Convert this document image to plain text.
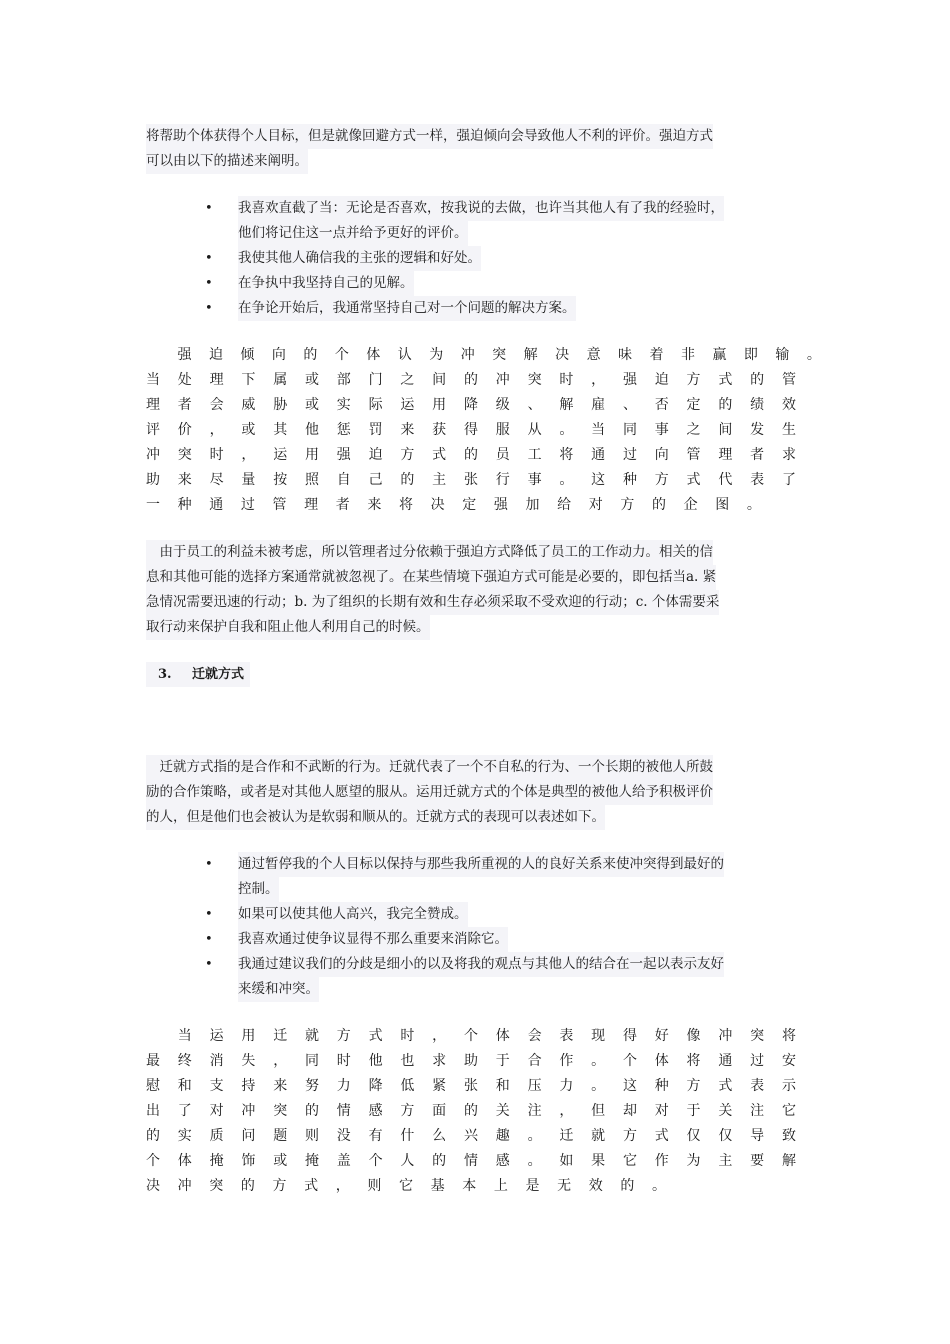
将帮助个体获得个人目标，但是就像回避方式一样，强迫倾向会导致他人不利的评价。强迫方式
可以由以下的描述来阐明。
• 我喜欢直截了当：无论是否喜欢，按我说的去做，也许当其他人有了我的经验时，
他们将记住这一点并给予更好的评价。
• 我使其他人确信我的主张的逻辑和好处。
• 在争执中我坚持自己的见解。
• 在争论开始后，我通常坚持自己对一个问题的解决方案。

强 迫 倾 向 的 个 体 认 为 冲 突 解 决 意 味 着 非 赢 即 输 。
当 处 理 下 属 或 部 门 之 间 的 冲 突 时 ， 强 迫 方 式 的 管
理 者 会 威 胁 或 实 际 运 用 降 级 、 解 雇 、 否 定 的 绩 效
评 价 ， 或 其 他 惩 罚 来 获 得 服 从 。 当 同 事 之 间 发 生
冲 突 时 ， 运 用 强 迫 方 式 的 员 工 将 通 过 向 管 理 者 求
助 来 尽 量 按 照 自 己 的 主 张 行 事 。 这 种 方 式 代 表 了
一 种 通 过 管 理 者 来 将 决 定 强 加 给 对 方 的 企 图 。
　由于员工的利益未被考虑，所以管理者过分依赖于强迫方式降低了员工的工作动力。相关的信
息和其他可能的选择方案通常就被忽视了。在某些情境下强迫方式可能是必要的，即包括当a. 紧
急情况需要迅速的行动；b. 为了组织的长期有效和生存必须采取不受欢迎的行动；c. 个体需要采
取行动来保护自我和阻止他人利用自己的时候。
3. 迁就方式
　迁就方式指的是合作和不武断的行为。迁就代表了一个不自私的行为、一个长期的被他人所鼓
励的合作策略，或者是对其他人愿望的服从。运用迁就方式的个体是典型的被他人给予积极评价
的人，但是他们也会被认为是软弱和顺从的。迁就方式的表现可以表述如下。
• 通过暂停我的个人目标以保持与那些我所重视的人的良好关系来使冲突得到最好的
控制。
• 如果可以使其他人高兴，我完全赞成。
• 我喜欢通过使争议显得不那么重要来消除它。
• 我通过建议我们的分歧是细小的以及将我的观点与其他人的结合在一起以表示友好
来缓和冲突。

当 运 用 迁 就 方 式 时 ， 个 体 会 表 现 得 好 像 冲 突 将
最 终 消 失 ， 同 时 他 也 求 助 于 合 作 。 个 体 将 通 过 安
慰 和 支 持 来 努 力 降 低 紧 张 和 压 力 。 这 种 方 式 表 示
出 了 对 冲 突 的 情 感 方 面 的 关 注 ， 但 却 对 于 关 注 它
的 实 质 问 题 则 没 有 什 么 兴 趣 。 迁 就 方 式 仅 仅 导 致
个 体 掩 饰 或 掩 盖 个 人 的 情 感 。 如 果 它 作 为 主 要 解
决 冲 突 的 方 式 ， 则 它 基 本 上 是 无 效 的 。
